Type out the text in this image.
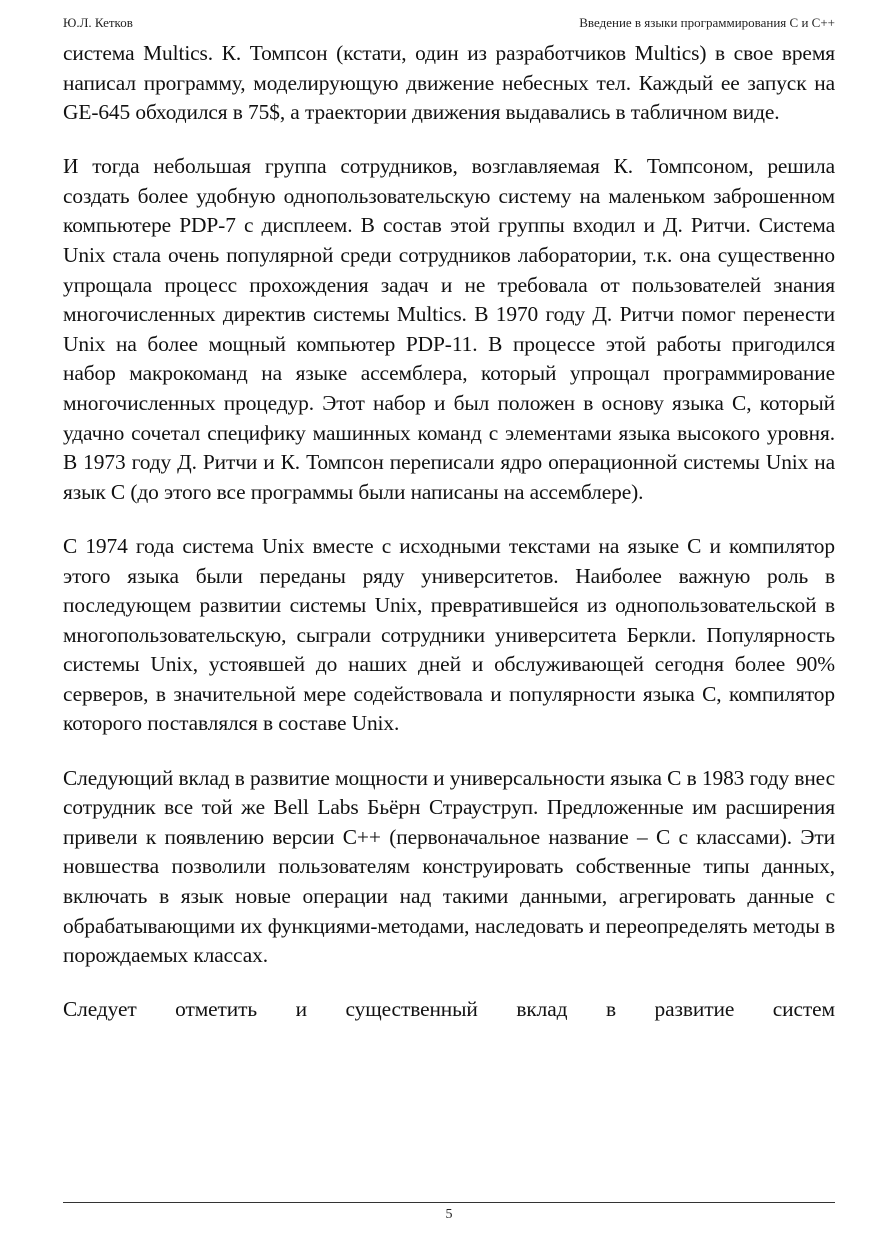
Ю.Л. Кетков	Введение в языки программирования С и С++

система Multics. К. Томпсон (кстати, один из разработчиков Multics) в свое время написал программу, моделирующую движение небесных тел. Каждый ее запуск на GE-645 обходился в 75$, а траектории движения выдавались в табличном виде.

И тогда небольшая группа сотрудников, возглавляемая К. Томпсоном, решила создать более удобную однопользовательскую систему на маленьком заброшенном компьютере PDP-7 с дисплеем. В состав этой группы входил и Д. Ритчи. Система Unix стала очень популярной среди сотрудников лаборатории, т.к. она существенно упрощала процесс прохождения задач и не требовала от пользователей знания многочисленных директив системы Multics. В 1970 году Д. Ритчи помог перенести Unix на более мощный компьютер PDP-11. В процессе этой работы пригодился набор макрокоманд на языке ассемблера, который упрощал программирование многочисленных процедур. Этот набор и был положен в основу языка С, который удачно сочетал специфику машинных команд с элементами языка высокого уровня. В 1973 году Д. Ритчи и К. Томпсон переписали ядро операционной системы Unix на язык С (до этого все программы были написаны на ассемблере).

С 1974 года система Unix вместе с исходными текстами на языке С и компилятор этого языка были переданы ряду университетов. Наиболее важную роль в последующем развитии системы Unix, превратившейся из однопользовательской в многопользовательскую, сыграли сотрудники университета Беркли. Популярность системы Unix, устоявшей до наших дней и обслуживающей сегодня более 90% серверов, в значительной мере содействовала и популярности языка С, компилятор которого поставлялся в составе Unix.

Следующий вклад в развитие мощности и универсальности языка С в 1983 году внес сотрудник все той же Bell Labs Бьёрн Страуструп. Предложенные им расширения привели к появлению версии С++ (первоначальное название – С с классами). Эти новшества позволили пользователям конструировать собственные типы данных, включать в язык новые операции над такими данными, агрегировать данные с обрабатывающими их функциями-методами, наследовать и переопределять методы в порождаемых классах.

Следует отметить и существенный вклад в развитие систем

5
